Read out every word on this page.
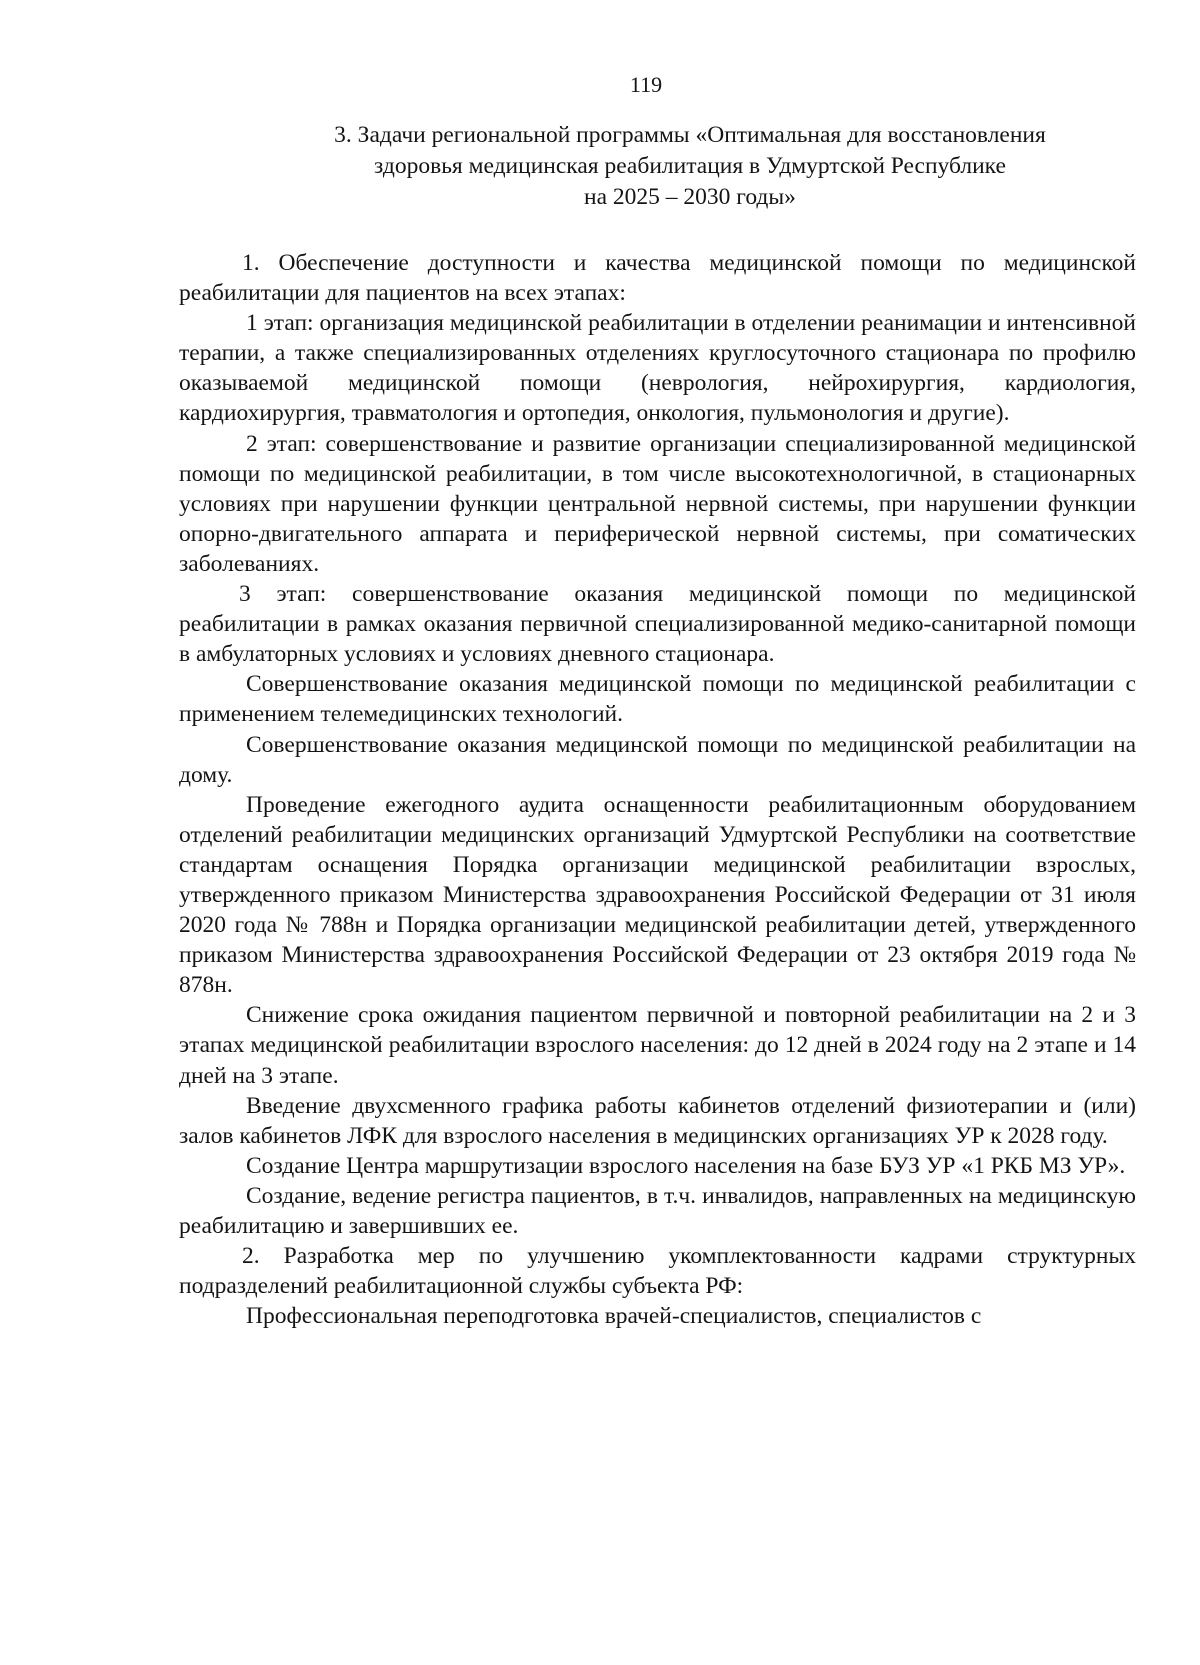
119
3. Задачи региональной программы «Оптимальная для восстановления
здоровья медицинская реабилитация в Удмуртской Республике
на 2025 – 2030 годы»

1. Обеспечение доступности и качества медицинской помощи по медицинской реабилитации для пациентов на всех этапах:

1 этап: организация медицинской реабилитации в отделении реанимации и интенсивной терапии, а также специализированных отделениях круглосуточного стационара по профилю оказываемой медицинской помощи (неврология, нейрохирургия, кардиология, кардиохирургия, травматология и ортопедия, онкология, пульмонология и другие).

2 этап: совершенствование и развитие организации специализированной медицинской помощи по медицинской реабилитации, в том числе высокотехнологичной, в стационарных условиях при нарушении функции центральной нервной системы, при нарушении функции опорно-двигательного аппарата и периферической нервной системы, при соматических заболеваниях.

3 этап: совершенствование оказания медицинской помощи по медицинской реабилитации в рамках оказания первичной специализированной медико-санитарной помощи в амбулаторных условиях и условиях дневного стационара.

Совершенствование оказания медицинской помощи по медицинской реабилитации с применением телемедицинских технологий.

Совершенствование оказания медицинской помощи по медицинской реабилитации на дому.

Проведение ежегодного аудита оснащенности реабилитационным оборудованием отделений реабилитации медицинских организаций Удмуртской Республики на соответствие стандартам оснащения Порядка организации медицинской реабилитации взрослых, утвержденного приказом Министерства здравоохранения Российской Федерации от 31 июля 2020 года № 788н и Порядка организации медицинской реабилитации детей, утвержденного приказом Министерства здравоохранения Российской Федерации от 23 октября 2019 года № 878н.

Снижение срока ожидания пациентом первичной и повторной реабилитации на 2 и 3 этапах медицинской реабилитации взрослого населения: до 12 дней в 2024 году на 2 этапе и 14 дней на 3 этапе.

Введение двухсменного графика работы кабинетов отделений физиотерапии и (или) залов кабинетов ЛФК для взрослого населения в медицинских организациях УР к 2028 году.

Создание Центра маршрутизации взрослого населения на базе БУЗ УР «1 РКБ МЗ УР».

Создание, ведение регистра пациентов, в т.ч. инвалидов, направленных на медицинскую реабилитацию и завершивших ее.

2. Разработка мер по улучшению укомплектованности кадрами структурных подразделений реабилитационной службы субъекта РФ:

Профессиональная переподготовка врачей-специалистов, специалистов с
